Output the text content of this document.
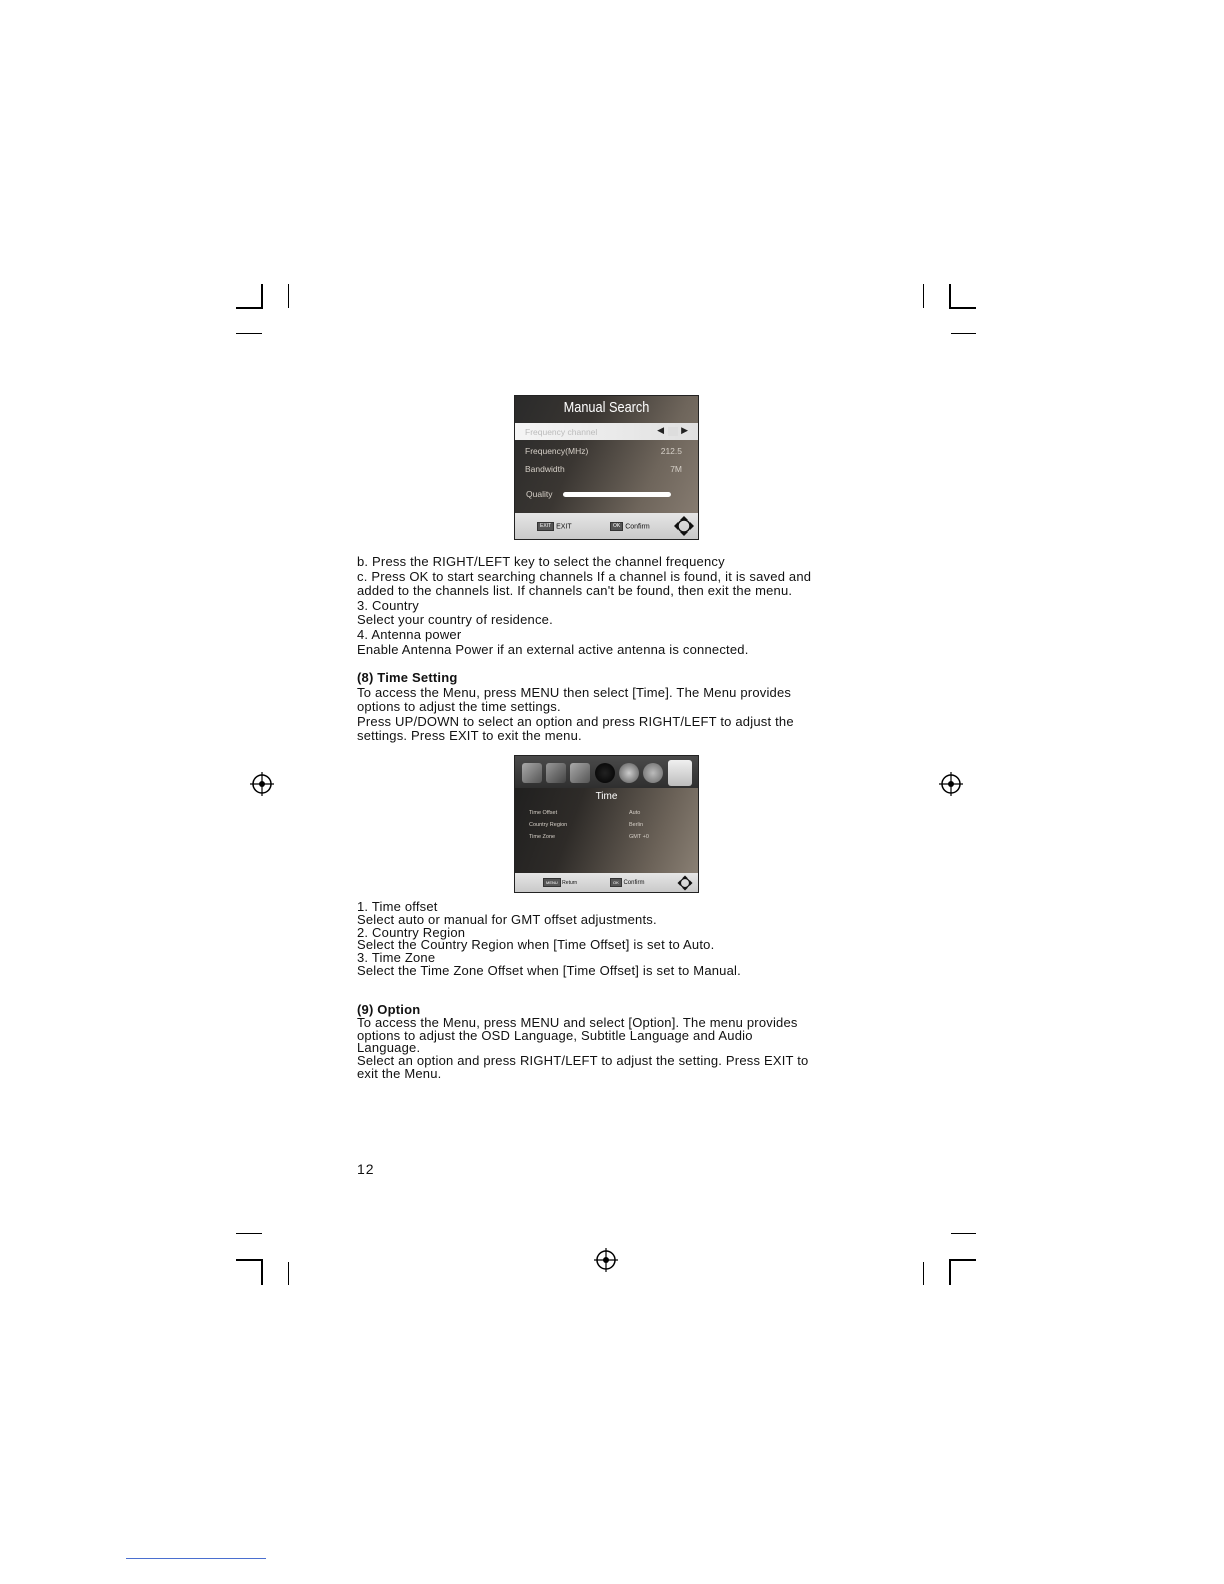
Manual Search
Frequency channel	◀ ▶
Frequency(MHz)	212.5
Bandwidth	7M
Quality
EXIT EXIT	OK Confirm
b. Press the RIGHT/LEFT key to select the channel frequency
c. Press OK to start searching channels If a channel is found, it is saved and
added to the channels list. If channels can't be found, then exit the menu.
3. Country
Select your country of residence.
4. Antenna power
Enable Antenna Power if an external active antenna is connected.
(8) Time Setting
To access the Menu, press MENU then select [Time]. The Menu provides
options to adjust the time settings.
Press UP/DOWN to select an option and press RIGHT/LEFT to adjust the
settings. Press EXIT to exit the menu.
Time
Time Offset	Auto
Country Region	Berlin
Time Zone	GMT +0
MENU Return	OK Confirm
1. Time offset
Select auto or manual for GMT offset adjustments.
2. Country Region
Select the Country Region when [Time Offset] is set to Auto.
3. Time Zone
Select the Time Zone Offset when [Time Offset] is set to Manual.
(9) Option
To access the Menu, press MENU and select [Option]. The menu provides
options to adjust the OSD Language, Subtitle Language and Audio
Language.
Select an option and press RIGHT/LEFT to adjust the setting. Press EXIT to
exit the Menu.
12
